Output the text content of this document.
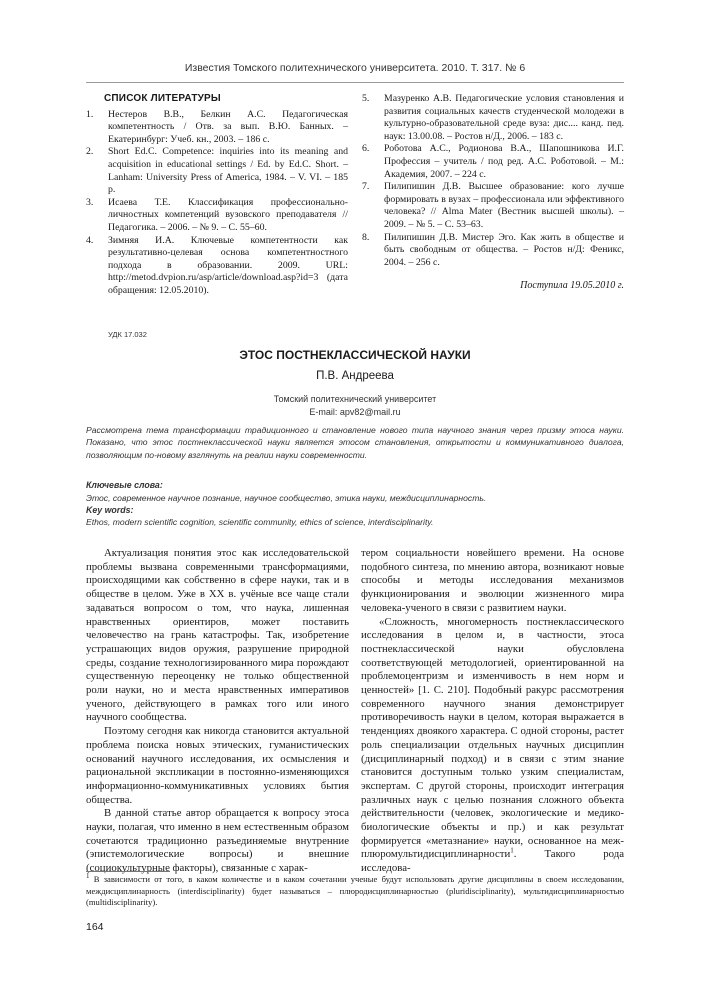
Известия Томского политехнического университета. 2010. Т. 317. № 6
СПИСОК ЛИТЕРАТУРЫ
1. Нестеров В.В., Белкин А.С. Педагогическая компетентность / Отв. за вып. В.Ю. Банных. – Екатеринбург: Учеб. кн., 2003. – 186 с.
2. Short Ed.C. Competence: inquiries into its meaning and acquisition in educational settings / Ed. by Ed.C. Short. – Lanham: University Press of America, 1984. – V. VI. – 185 p.
3. Исаева Т.Е. Классификация профессионально-личностных компетенций вузовского преподавателя // Педагогика. – 2006. – № 9. – С. 55–60.
4. Зимняя И.А. Ключевые компетентности как результативно-целевая основа компетентностного подхода в образовании. 2009. URL: http://metod.dvpion.ru/asp/article/download.asp?id=3 (дата обращения: 12.05.2010).
5. Мазуренко А.В. Педагогические условия становления и развития социальных качеств студенческой молодежи в культурно-образовательной среде вуза: дис.... канд. пед. наук: 13.00.08. – Ростов н/Д., 2006. – 183 с.
6. Роботова А.С., Родионова В.А., Шапошникова И.Г. Профессия – учитель / под ред. А.С. Роботовой. – М.: Академия, 2007. – 224 с.
7. Пилипишин Д.В. Высшее образование: кого лучше формировать в вузах – профессионала или эффективного человека? // Alma Mater (Вестник высшей школы). – 2009. – № 5. – С. 53–63.
8. Пилипишин Д.В. Мистер Эго. Как жить в обществе и быть свободным от общества. – Ростов н/Д: Феникс, 2004. – 256 с.
Поступила 19.05.2010 г.
УДК 17.032
ЭТОС ПОСТНЕКЛАССИЧЕСКОЙ НАУКИ
П.В. Андреева
Томский политехнический университет
E-mail: apv82@mail.ru
Рассмотрена тема трансформации традиционного и становление нового типа научного знания через призму этоса науки. Показано, что этос постнеклассической науки является этосом становления, открытости и коммуникативного диалога, позволяющим по-новому взглянуть на реалии науки современности.
Ключевые слова:
Этос, современное научное познание, научное сообщество, этика науки, междисциплинарность.
Key words:
Ethos, modern scientific cognition, scientific community, ethics of science, interdisciplinarity.

Актуализация понятия этос как исследовательской проблемы вызвана современными трансформациями, происходящими как собственно в сфере науки, так и в обществе в целом. Уже в XX в. учёные все чаще стали задаваться вопросом о том, что наука, лишенная нравственных ориентиров, может поставить человечество на грань катастрофы. Так, изобретение устрашающих видов оружия, разрушение природной среды, создание технологизированного мира порождают существенную переоценку не только общественной роли науки, но и места нравственных императивов ученого, действующего в рамках того или иного научного сообщества.

Поэтому сегодня как никогда становится актуальной проблема поиска новых этических, гуманистических оснований научного исследования, их осмысления и рациональной экспликации в постоянно-изменяющихся информационно-коммуникативных условиях бытия общества.

В данной статье автор обращается к вопросу этоса науки, полагая, что именно в нем естественным образом сочетаются традиционно разъединяемые внутренние (эпистемологические вопросы) и внешние (социокультурные факторы), связанные с харак-

тером социальности новейшего времени. На основе подобного синтеза, по мнению автора, возникают новые способы и методы исследования механизмов функционирования и эволюции жизненного мира человека-ученого в связи с развитием науки.

«Сложность, многомерность постнеклассического исследования в целом и, в частности, этоса постнеклассической науки обусловлена соответствующей методологией, ориентированной на проблемоцентризм и изменчивость в нем норм и ценностей» [1. С. 210]. Подобный ракурс рассмотрения современного научного знания демонстрирует противоречивость науки в целом, которая выражается в тенденциях двоякого характера. С одной стороны, растет роль специализации отдельных научных дисциплин (дисциплинарный подход) и в связи с этим знание становится доступным только узким специалистам, экспертам. С другой стороны, происходит интеграция различных наук с целью познания сложного объекта действительности (человек, экологические и медико-биологические объекты и пр.) и как результат формируется «метазнание» науки, основанное на меж-плюромультидисциплинарности$^1$. Такого рода исследова-

$^1$ В зависимости от того, в каком количестве и в каком сочетании ученые будут использовать другие дисциплины в своем исследовании, междисциплинарность (interdisciplinarity) будет называться – плюродисциплинарностью (pluridisciplinarity), мультидисциплинарностью (multidisciplinarity).
164
